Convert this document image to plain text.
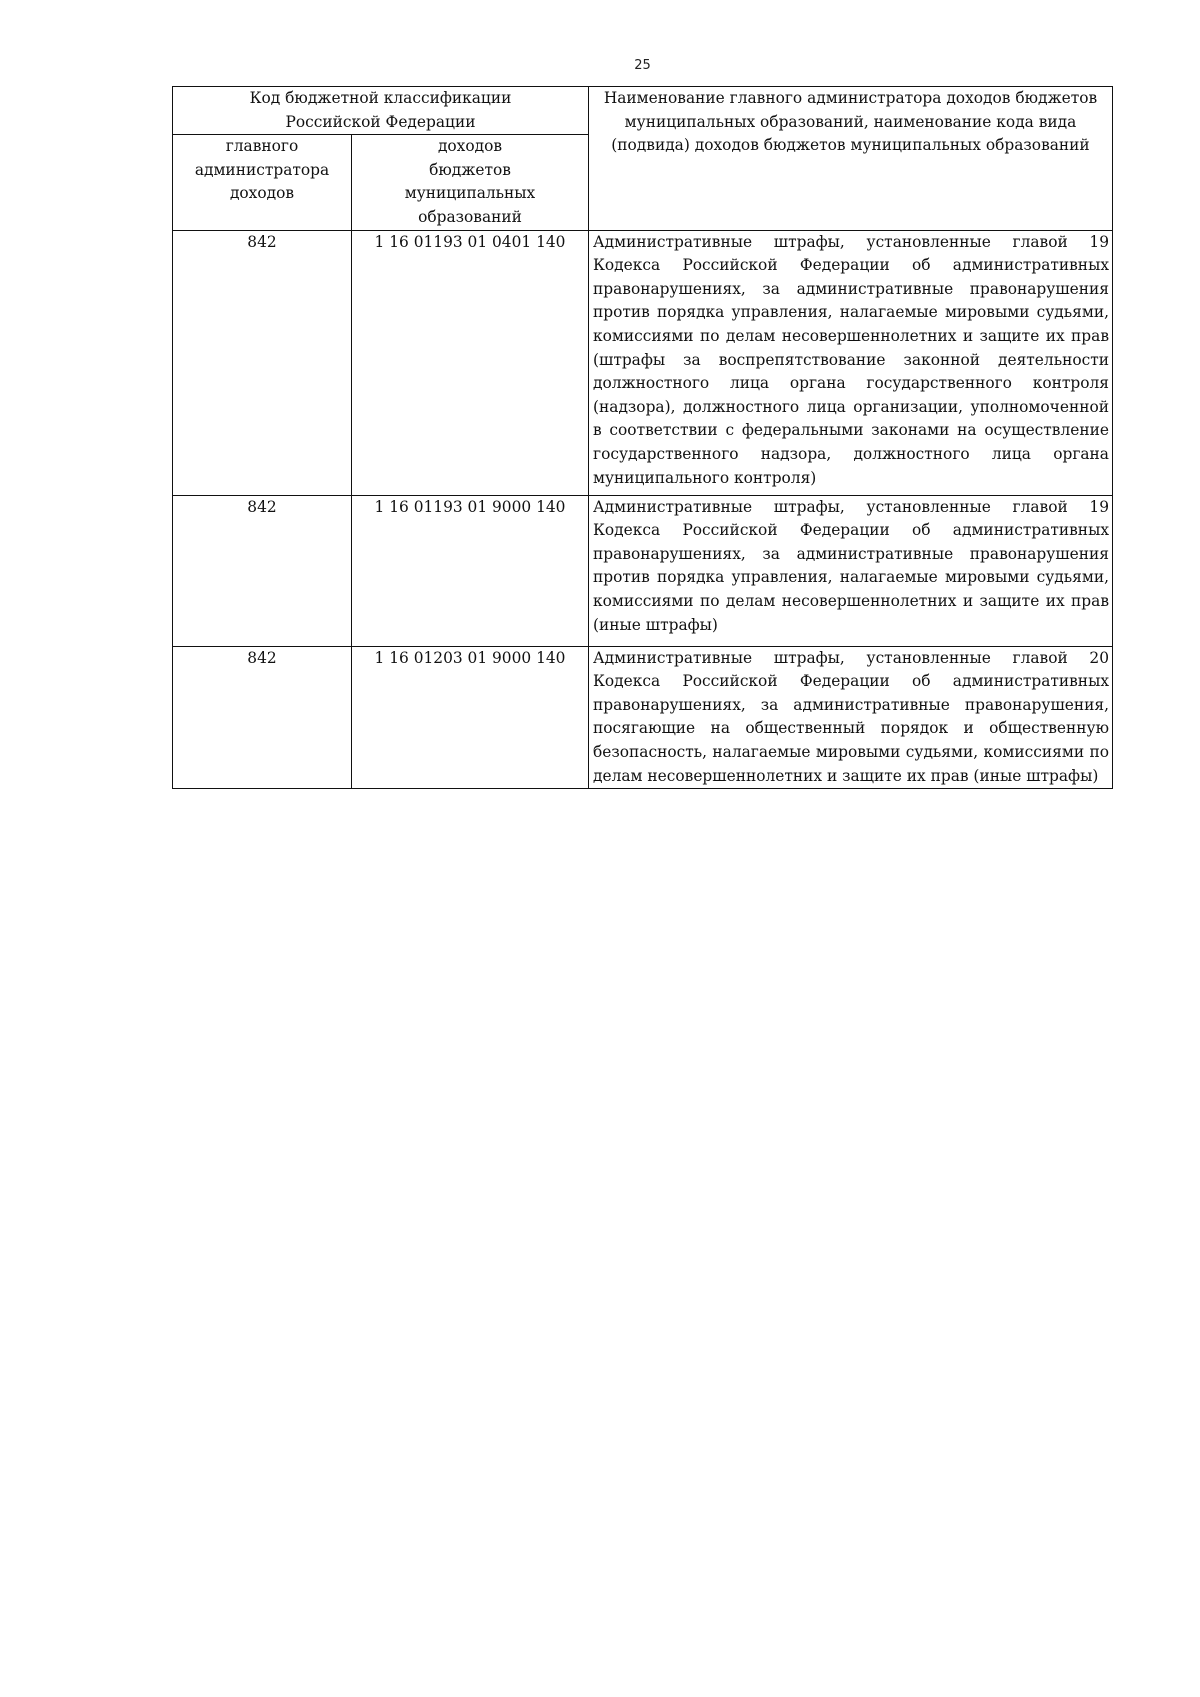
25
Код бюджетной классификации Российской Федерации		Наименование главного администратора доходов бюджетов муниципальных образований, наименование кода вида (подвида) доходов бюджетов муниципальных образований

главного администратора доходов	доходов бюджетов муниципальных образований	

842	1 16 01193 01 0401 140	Административные штрафы, установленные главой 19 Кодекса Российской Федерации об административных правонарушениях, за административные правонарушения против порядка управления, налагаемые мировыми судьями, комиссиями по делам несовершеннолетних и защите их прав (штрафы за воспрепятствование законной деятельности должностного лица органа государственного контроля (надзора), должностного лица организации, уполномоченной в соответствии с федеральными законами на осуществление государственного надзора, должностного лица органа муниципального контроля)

842	1 16 01193 01 9000 140	Административные штрафы, установленные главой 19 Кодекса Российской Федерации об административных правонарушениях, за административные правонарушения против порядка управления, налагаемые мировыми судьями, комиссиями по делам несовершеннолетних и защите их прав (иные штрафы)

842	1 16 01203 01 9000 140	Административные штрафы, установленные главой 20 Кодекса Российской Федерации об административных правонарушениях, за административные правонарушения, посягающие на общественный порядок и общественную безопасность, налагаемые мировыми судьями, комиссиями по делам несовершеннолетних и защите их прав (иные штрафы)
